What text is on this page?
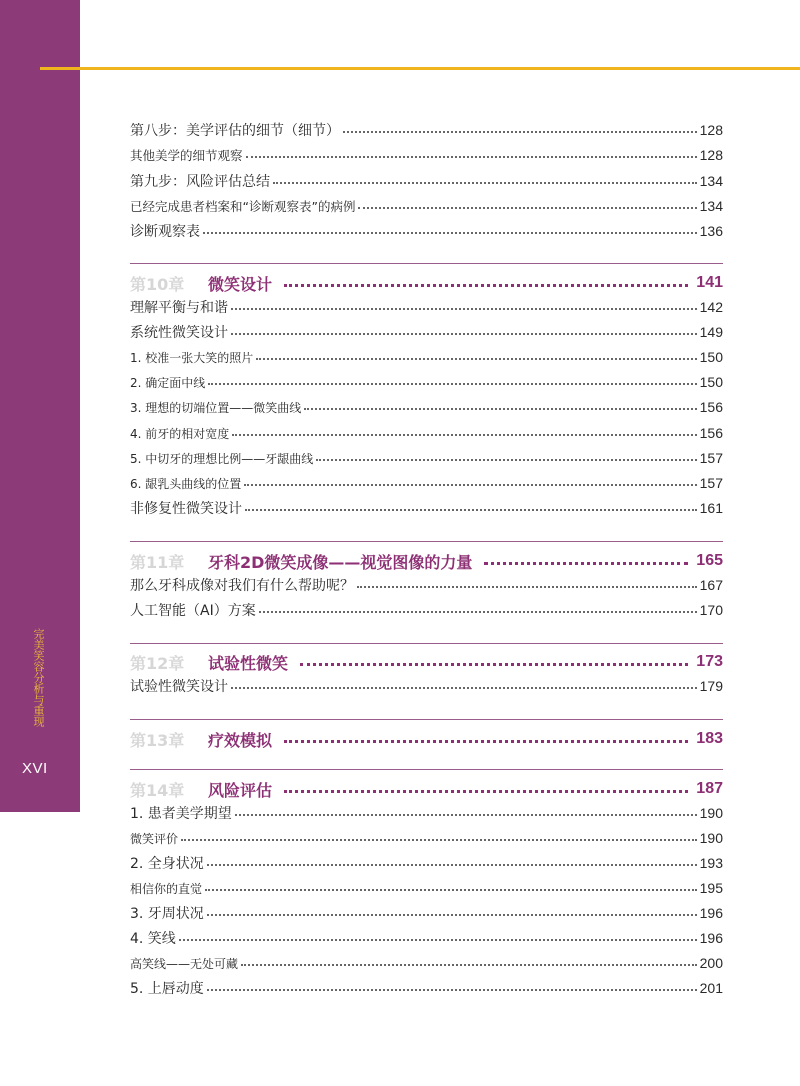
完美笑容分析与重现
XVI
第八步：美学评估的细节（细节）	128
其他美学的细节观察	128
第九步：风险评估总结	134
已经完成患者档案和“诊断观察表”的病例	134
诊断观察表	136
第10章	微笑设计	141
理解平衡与和谐	142
系统性微笑设计	149
1. 校准一张大笑的照片	150
2. 确定面中线	150
3. 理想的切端位置——微笑曲线	156
4. 前牙的相对宽度	156
5. 中切牙的理想比例——牙龈曲线	157
6. 龈乳头曲线的位置	157
非修复性微笑设计	161
第11章	牙科2D微笑成像——视觉图像的力量	165
那么牙科成像对我们有什么帮助呢？	167
人工智能（AI）方案	170
第12章	试验性微笑	173
试验性微笑设计	179
第13章	疗效模拟	183
第14章	风险评估	187
1. 患者美学期望	190
微笑评价	190
2. 全身状况	193
相信你的直觉	195
3. 牙周状况	196
4. 笑线	196
高笑线——无处可藏	200
5. 上唇动度	201
